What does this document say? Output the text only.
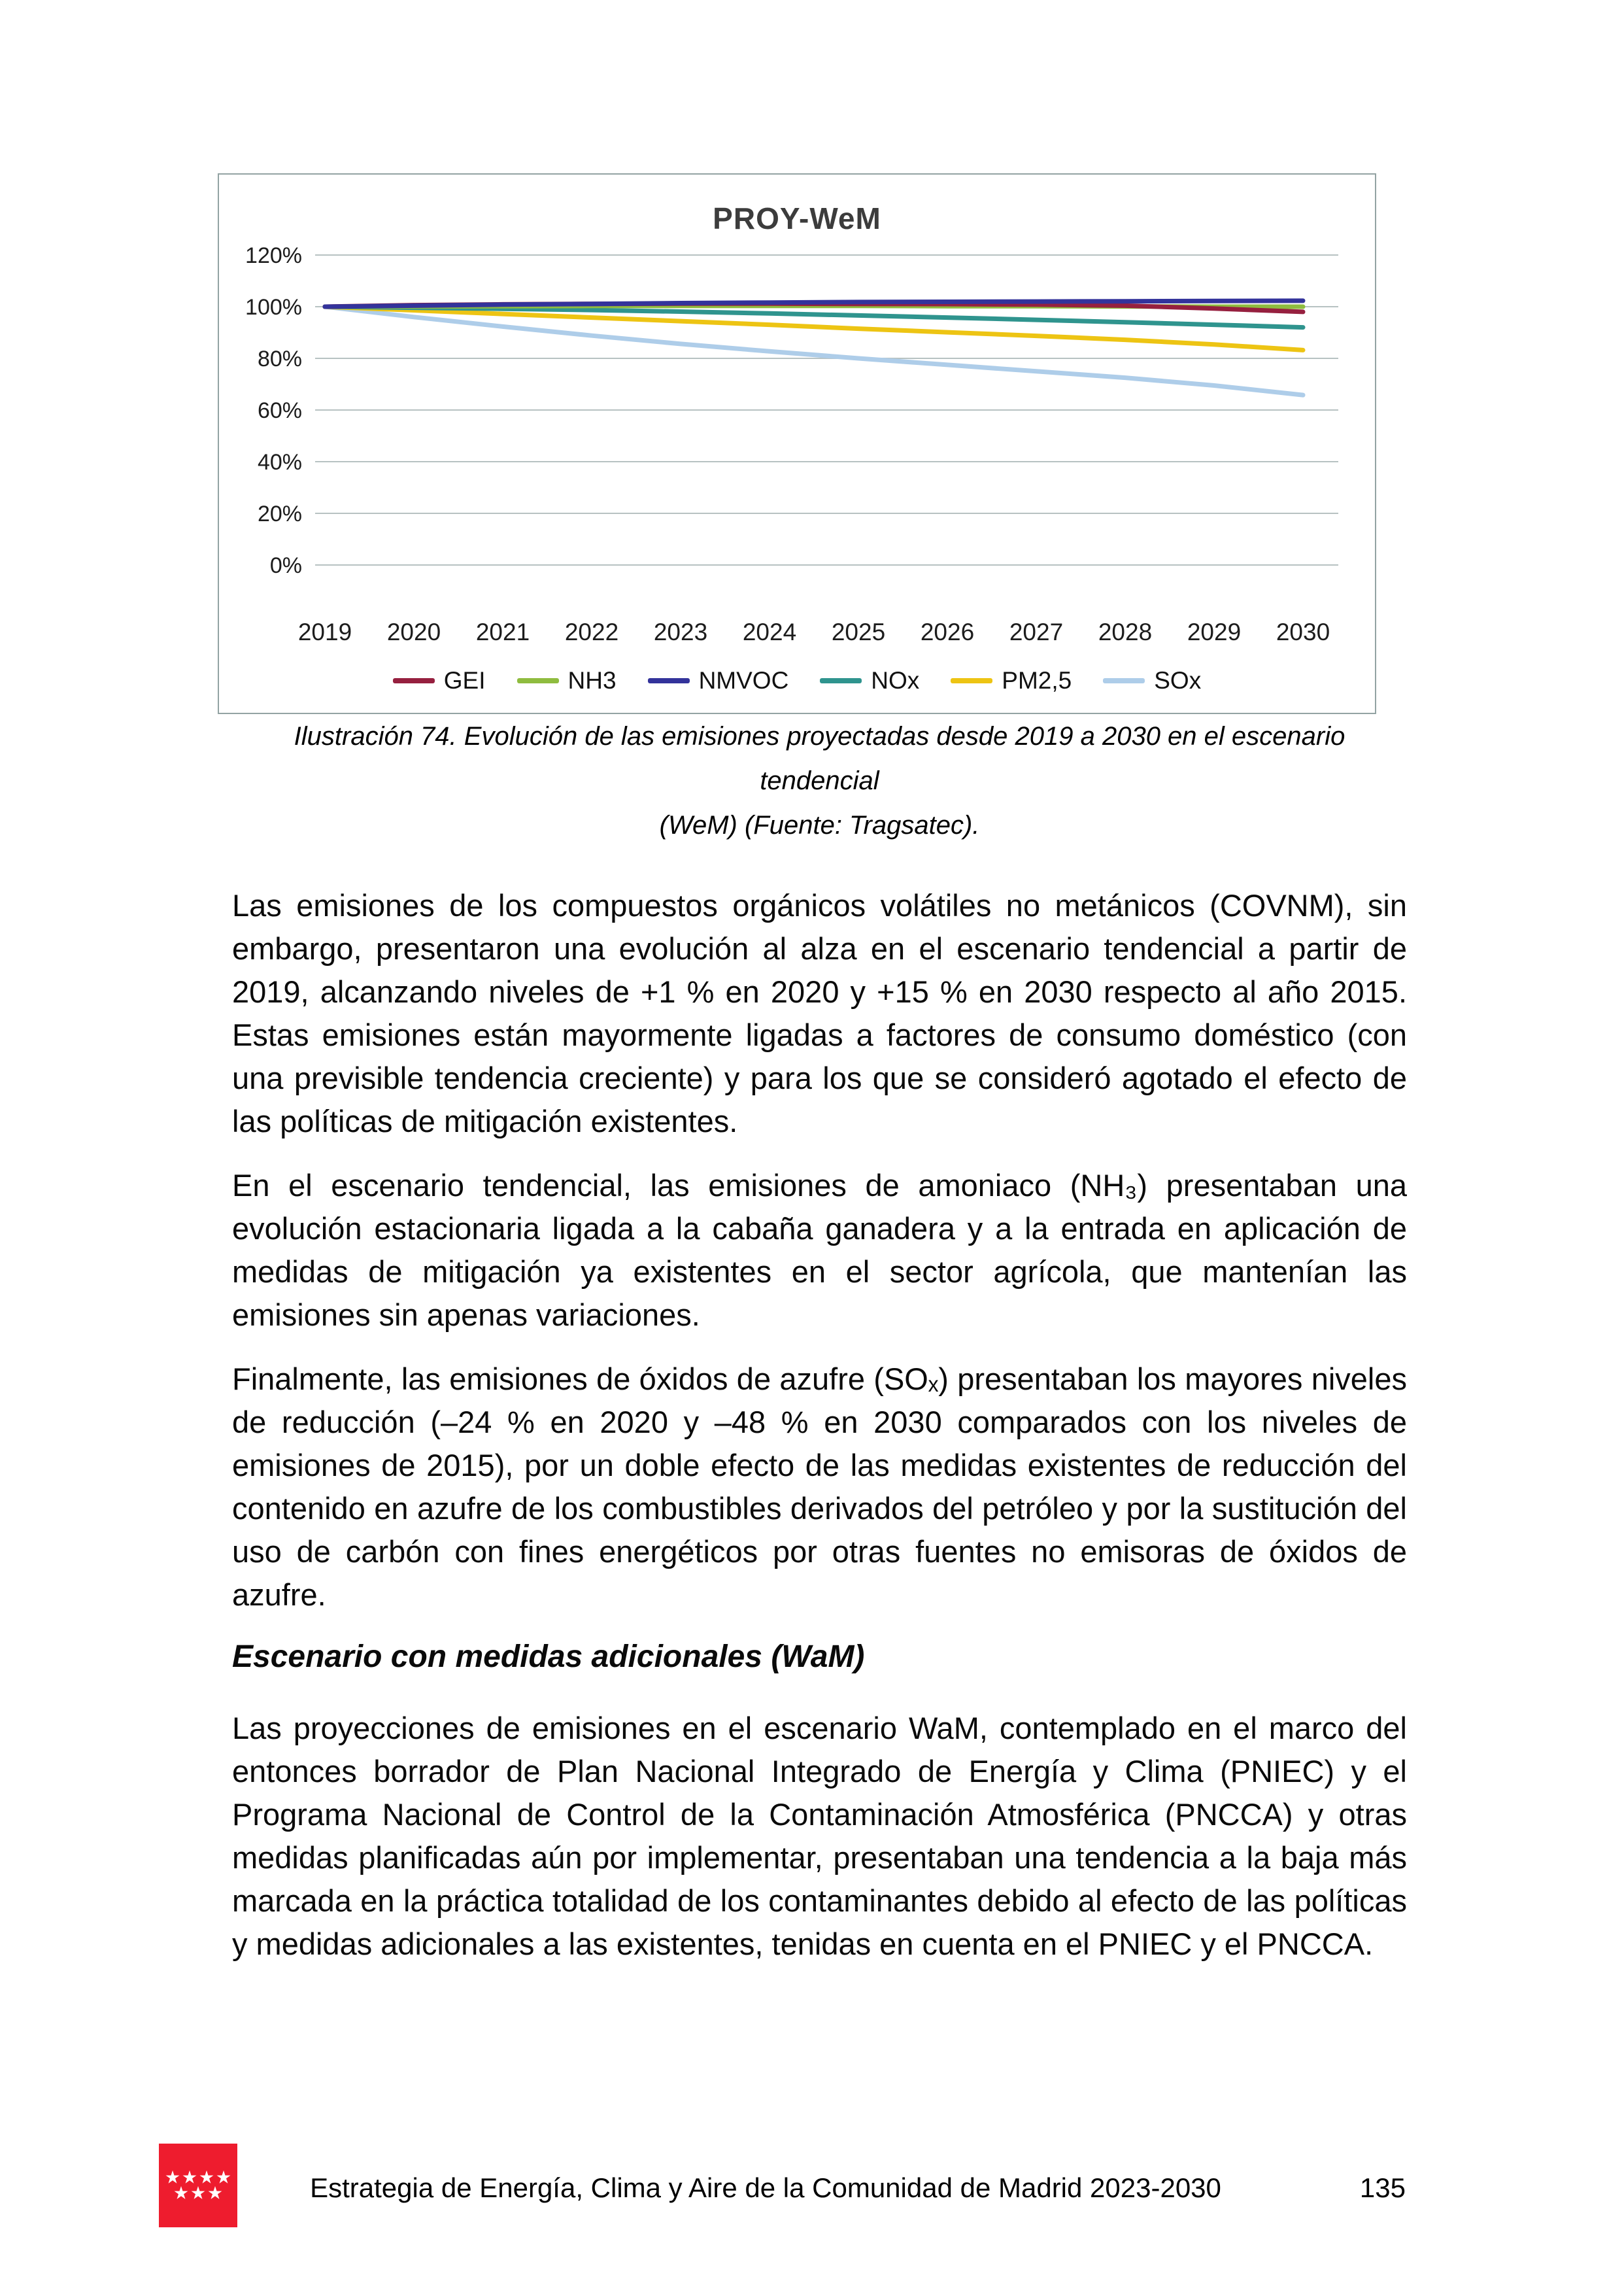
120%
100%
80%
60%
40%
20%
0%
2019 2020 2021 2022 2023 2024 2025 2026 2027 2028 2029 2030
PROY-WeM
GEI	NH3	NMVOC	NOx	PM2,5	SOx
Ilustración 74. Evolución de las emisiones proyectadas desde 2019 a 2030 en el escenario tendencial
(WeM) (Fuente: Tragsatec).

Las emisiones de los compuestos orgánicos volátiles no metánicos (COVNM), sin embargo, presentaron una evolución al alza en el escenario tendencial a partir de 2019, alcanzando niveles de +1 % en 2020 y +15 % en 2030 respecto al año 2015. Estas emisiones están mayormente ligadas a factores de consumo doméstico (con una previsible tendencia creciente) y para los que se consideró agotado el efecto de las políticas de mitigación existentes.

En el escenario tendencial, las emisiones de amoniaco (NH₃) presentaban una evolución estacionaria ligada a la cabaña ganadera y a la entrada en aplicación de medidas de mitigación ya existentes en el sector agrícola, que mantenían las emisiones sin apenas variaciones.

Finalmente, las emisiones de óxidos de azufre (SOₓ) presentaban los mayores niveles de reducción (–24 % en 2020 y –48 % en 2030 comparados con los niveles de emisiones de 2015), por un doble efecto de las medidas existentes de reducción del contenido en azufre de los combustibles derivados del petróleo y por la sustitución del uso de carbón con fines energéticos por otras fuentes no emisoras de óxidos de azufre.

Escenario con medidas adicionales (WaM)

Las proyecciones de emisiones en el escenario WaM, contemplado en el marco del entonces borrador de Plan Nacional Integrado de Energía y Clima (PNIEC) y el Programa Nacional de Control de la Contaminación Atmosférica (PNCCA) y otras medidas planificadas aún por implementar, presentaban una tendencia a la baja más marcada en la práctica totalidad de los contaminantes debido al efecto de las políticas y medidas adicionales a las existentes, tenidas en cuenta en el PNIEC y el PNCCA.

Estrategia de Energía, Clima y Aire de la Comunidad de Madrid 2023-2030	135
